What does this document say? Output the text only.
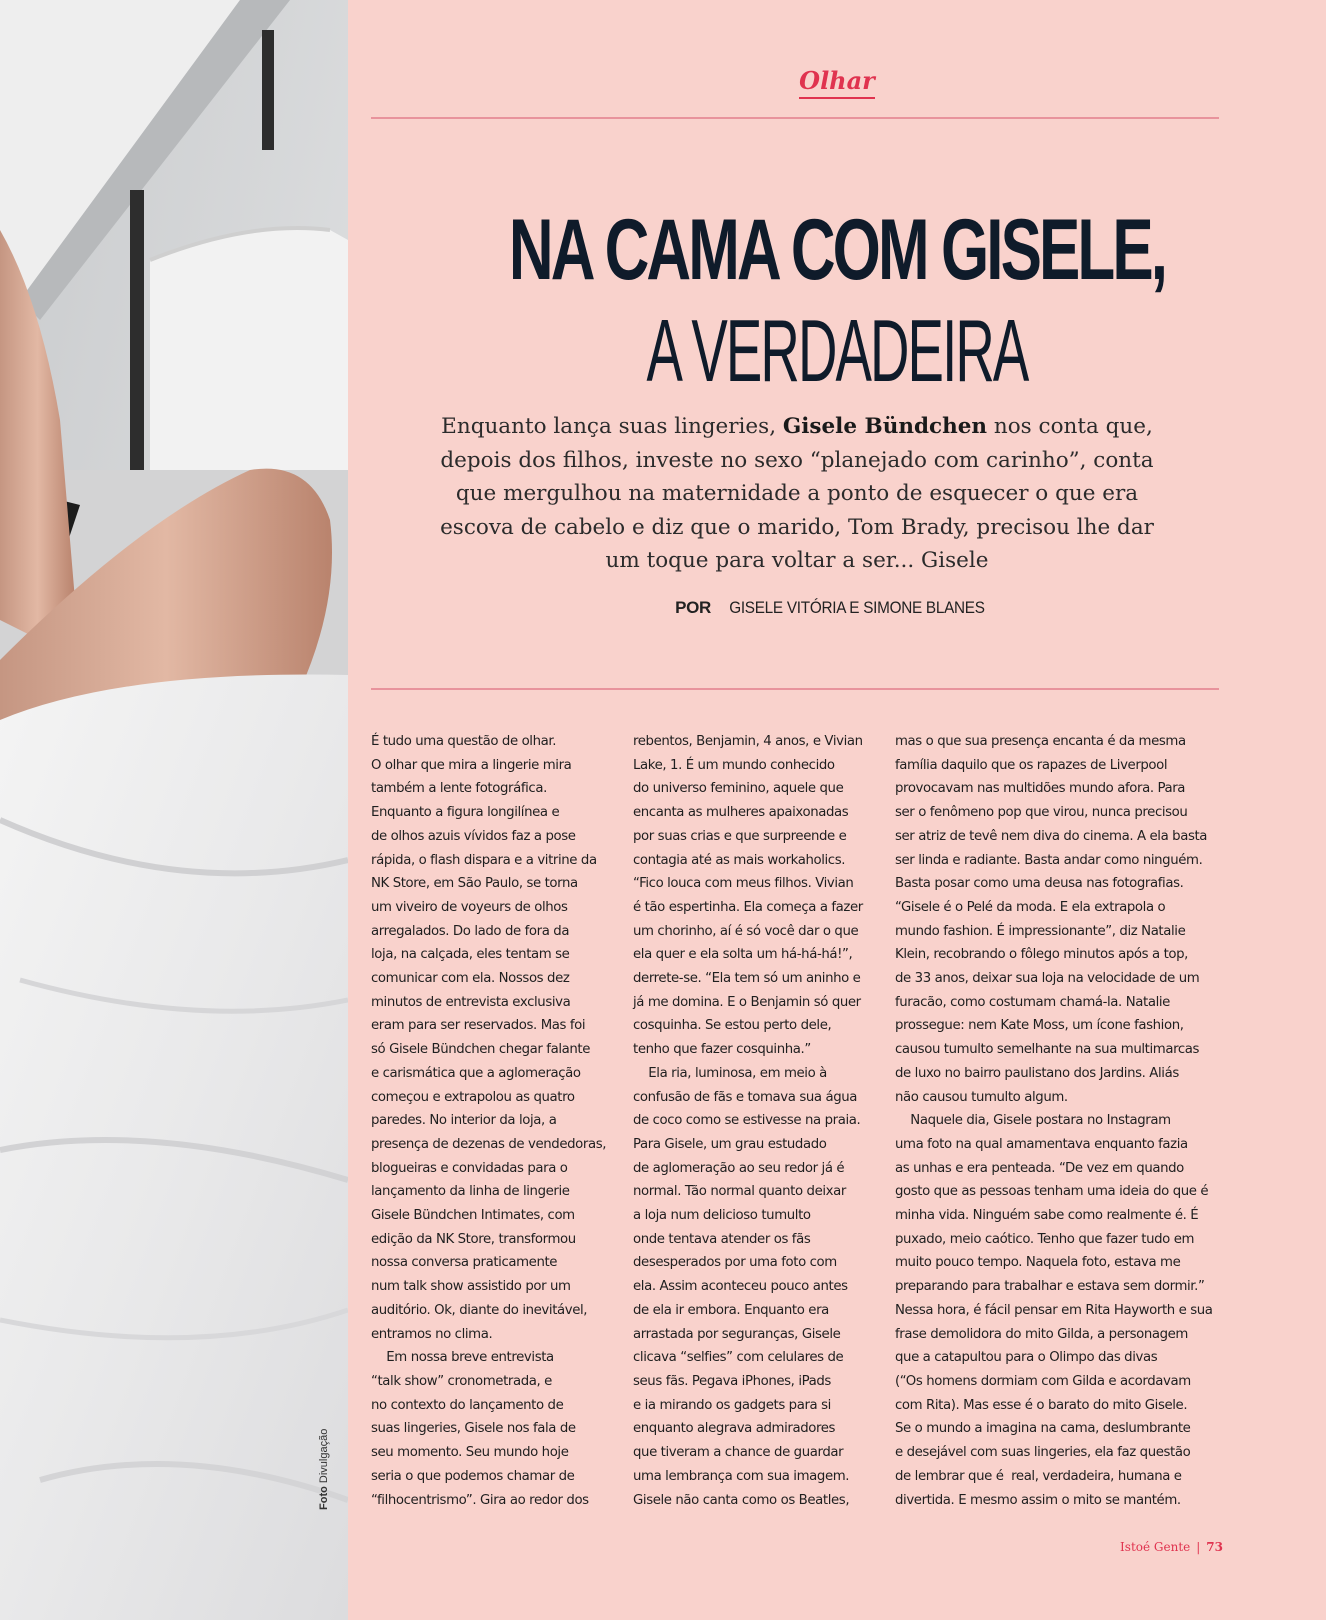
Foto Divulgação
Olhar
NA CAMA COM GISELE,
A VERDADEIRA
Enquanto lança suas lingeries, Gisele Bündchen nos conta que, depois dos filhos, investe no sexo “planejado com carinho”, conta que mergulhou na maternidade a ponto de esquecer o que era escova de cabelo e diz que o marido, Tom Brady, precisou lhe dar um toque para voltar a ser... Gisele
POR GISELE VITÓRIA E SIMONE BLANES

É tudo uma questão de olhar.

O olhar que mira a lingerie mira

também a lente fotográfica.

Enquanto a figura longilínea e

de olhos azuis vívidos faz a pose

rápida, o flash dispara e a vitrine da

NK Store, em São Paulo, se torna

um viveiro de voyeurs de olhos

arregalados. Do lado de fora da

loja, na calçada, eles tentam se

comunicar com ela. Nossos dez

minutos de entrevista exclusiva

eram para ser reservados. Mas foi

só Gisele Bündchen chegar falante

e carismática que a aglomeração

começou e extrapolou as quatro

paredes. No interior da loja, a

presença de dezenas de vendedoras,

blogueiras e convidadas para o

lançamento da linha de lingerie

Gisele Bündchen Intimates, com

edição da NK Store, transformou

nossa conversa praticamente

num talk show assistido por um

auditório. Ok, diante do inevitável,

entramos no clima.

Em nossa breve entrevista

“talk show” cronometrada, e

no contexto do lançamento de

suas lingeries, Gisele nos fala de

seu momento. Seu mundo hoje

seria o que podemos chamar de

“filhocentrismo”. Gira ao redor dos

rebentos, Benjamin, 4 anos, e Vivian

Lake, 1. É um mundo conhecido

do universo feminino, aquele que

encanta as mulheres apaixonadas

por suas crias e que surpreende e

contagia até as mais workaholics.

“Fico louca com meus filhos. Vivian

é tão espertinha. Ela começa a fazer

um chorinho, aí é só você dar o que

ela quer e ela solta um há-há-há!”,

derrete-se. “Ela tem só um aninho e

já me domina. E o Benjamin só quer

cosquinha. Se estou perto dele,

tenho que fazer cosquinha.”

Ela ria, luminosa, em meio à

confusão de fãs e tomava sua água

de coco como se estivesse na praia.

Para Gisele, um grau estudado

de aglomeração ao seu redor já é

normal. Tão normal quanto deixar

a loja num delicioso tumulto

onde tentava atender os fãs

desesperados por uma foto com

ela. Assim aconteceu pouco antes

de ela ir embora. Enquanto era

arrastada por seguranças, Gisele

clicava “selfies” com celulares de

seus fãs. Pegava iPhones, iPads

e ia mirando os gadgets para si

enquanto alegrava admiradores

que tiveram a chance de guardar

uma lembrança com sua imagem.

Gisele não canta como os Beatles,

mas o que sua presença encanta é da mesma

família daquilo que os rapazes de Liverpool

provocavam nas multidões mundo afora. Para

ser o fenômeno pop que virou, nunca precisou

ser atriz de tevê nem diva do cinema. A ela basta

ser linda e radiante. Basta andar como ninguém.

Basta posar como uma deusa nas fotografias.

“Gisele é o Pelé da moda. E ela extrapola o

mundo fashion. É impressionante”, diz Natalie

Klein, recobrando o fôlego minutos após a top,

de 33 anos, deixar sua loja na velocidade de um

furacão, como costumam chamá-la. Natalie

prossegue: nem Kate Moss, um ícone fashion,

causou tumulto semelhante na sua multimarcas

de luxo no bairro paulistano dos Jardins. Aliás

não causou tumulto algum.

Naquele dia, Gisele postara no Instagram

uma foto na qual amamentava enquanto fazia

as unhas e era penteada. “De vez em quando

gosto que as pessoas tenham uma ideia do que é

minha vida. Ninguém sabe como realmente é. É

puxado, meio caótico. Tenho que fazer tudo em

muito pouco tempo. Naquela foto, estava me

preparando para trabalhar e estava sem dormir.”

Nessa hora, é fácil pensar em Rita Hayworth e sua

frase demolidora do mito Gilda, a personagem

que a catapultou para o Olimpo das divas

(“Os homens dormiam com Gilda e acordavam

com Rita). Mas esse é o barato do mito Gisele.

Se o mundo a imagina na cama, deslumbrante

e desejável com suas lingeries, ela faz questão

de lembrar que é  real, verdadeira, humana e

divertida. E mesmo assim o mito se mantém.

Istoé Gente | 73
